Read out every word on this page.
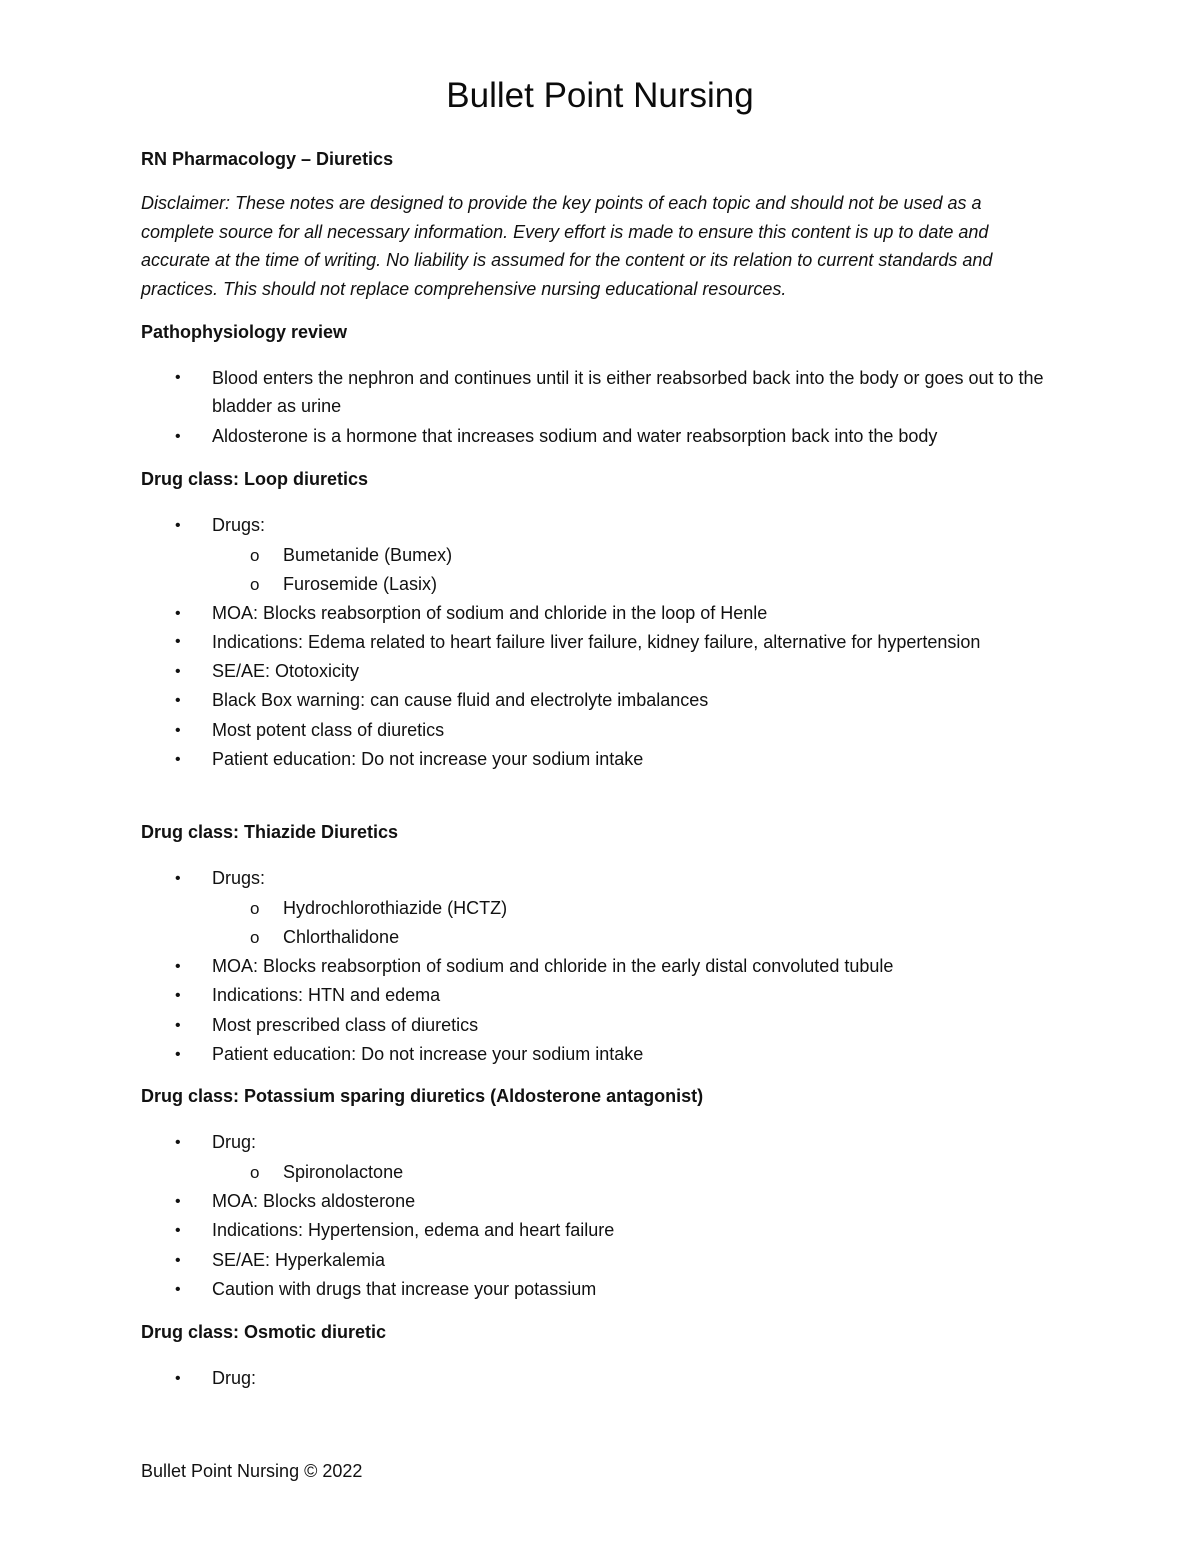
Bullet Point Nursing

RN Pharmacology – Diuretics

Disclaimer: These notes are designed to provide the key points of each topic and should not be used as a complete source for all necessary information. Every effort is made to ensure this content is up to date and accurate at the time of writing. No liability is assumed for the content or its relation to current standards and practices. This should not replace comprehensive nursing educational resources.

Pathophysiology review
• Blood enters the nephron and continues until it is either reabsorbed back into the body or goes out to the bladder as urine
• Aldosterone is a hormone that increases sodium and water reabsorption back into the body
Drug class: Loop diuretics
• Drugs:
o Bumetanide (Bumex)
o Furosemide (Lasix)
• MOA: Blocks reabsorption of sodium and chloride in the loop of Henle
• Indications: Edema related to heart failure liver failure, kidney failure, alternative for hypertension
• SE/AE: Ototoxicity
• Black Box warning: can cause fluid and electrolyte imbalances
• Most potent class of diuretics
• Patient education: Do not increase your sodium intake
Drug class: Thiazide Diuretics
• Drugs:
o Hydrochlorothiazide (HCTZ)
o Chlorthalidone
• MOA: Blocks reabsorption of sodium and chloride in the early distal convoluted tubule
• Indications: HTN and edema
• Most prescribed class of diuretics
• Patient education: Do not increase your sodium intake
Drug class: Potassium sparing diuretics (Aldosterone antagonist)
• Drug:
o Spironolactone
• MOA: Blocks aldosterone
• Indications: Hypertension, edema and heart failure
• SE/AE: Hyperkalemia
• Caution with drugs that increase your potassium
Drug class: Osmotic diuretic
• Drug:

Bullet Point Nursing © 2022
